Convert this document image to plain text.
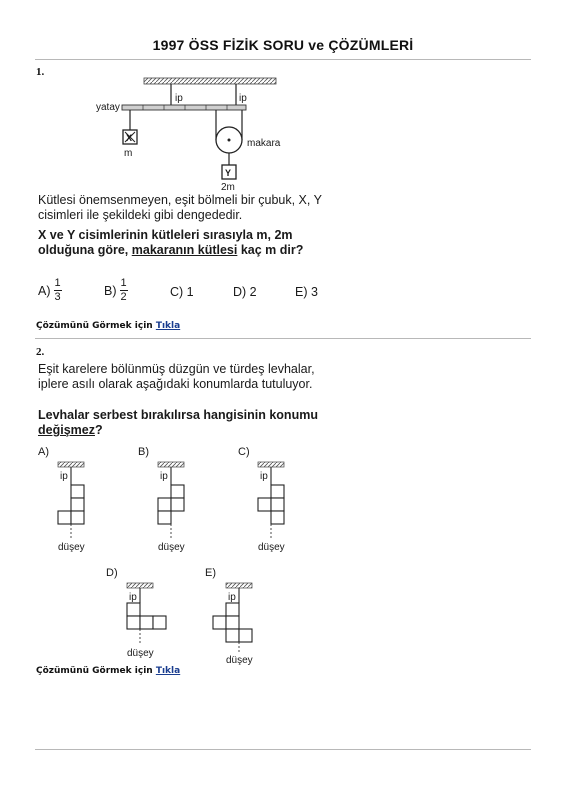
1997 ÖSS FİZİK SORU ve ÇÖZÜMLERİ
1.
ip	ip
yatay
X
m
makara
Y
2m
Kütlesi önemsenmeyen, eşit bölmeli bir çubuk, X, Y cisimleri ile şekildeki gibi dengededir.
X ve Y cisimlerinin kütleleri sırasıyla m, 2m olduğuna göre, makaranın kütlesi kaç m dir?
$A) \frac{1}{3}$	$B) \frac{1}{2}$	C) 1	D) 2	E) 3
Çözümünü Görmek için Tıkla
2.
Eşit karelere bölünmüş düzgün ve türdeş levhalar, iplere asılı olarak aşağıdaki konumlarda tutuluyor.
Levhalar serbest bırakılırsa hangisinin konumu değişmez?
A)	B)	C)
D)	E)
ip
düşey
ip
düşey
ip
düşey
ip
düşey
ip
düşey
Çözümünü Görmek için Tıkla
